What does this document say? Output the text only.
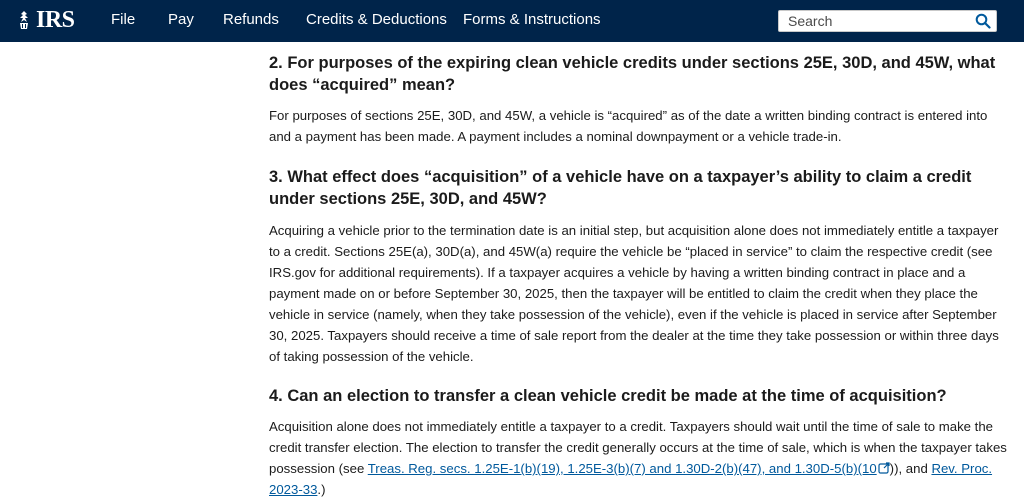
IRS File Pay Refunds Credits & Deductions Forms & Instructions
Search
2. For purposes of the expiring clean vehicle credits under sections 25E, 30D, and 45W, what does “acquired” mean?

For purposes of sections 25E, 30D, and 45W, a vehicle is “acquired” as of the date a written binding contract is entered into and a payment has been made. A payment includes a nominal downpayment or a vehicle trade-in.

3. What effect does “acquisition” of a vehicle have on a taxpayer’s ability to claim a credit under sections 25E, 30D, and 45W?

Acquiring a vehicle prior to the termination date is an initial step, but acquisition alone does not immediately entitle a taxpayer to a credit. Sections 25E(a), 30D(a), and 45W(a) require the vehicle be “placed in service” to claim the respective credit (see IRS.gov for additional requirements). If a taxpayer acquires a vehicle by having a written binding contract in place and a payment made on or before September 30, 2025, then the taxpayer will be entitled to claim the credit when they place the vehicle in service (namely, when they take possession of the vehicle), even if the vehicle is placed in service after September 30, 2025. Taxpayers should receive a time of sale report from the dealer at the time they take possession or within three days of taking possession of the vehicle.

4. Can an election to transfer a clean vehicle credit be made at the time of acquisition?

Acquisition alone does not immediately entitle a taxpayer to a credit. Taxpayers should wait until the time of sale to make the credit transfer election. The election to transfer the credit generally occurs at the time of sale, which is when the taxpayer takes possession (see Treas. Reg. secs. 1.25E-1(b)(19), 1.25E-3(b)(7) and 1.30D-2(b)(47), and 1.30D-5(b)(10 )), and Rev. Proc. 2023-33.)
